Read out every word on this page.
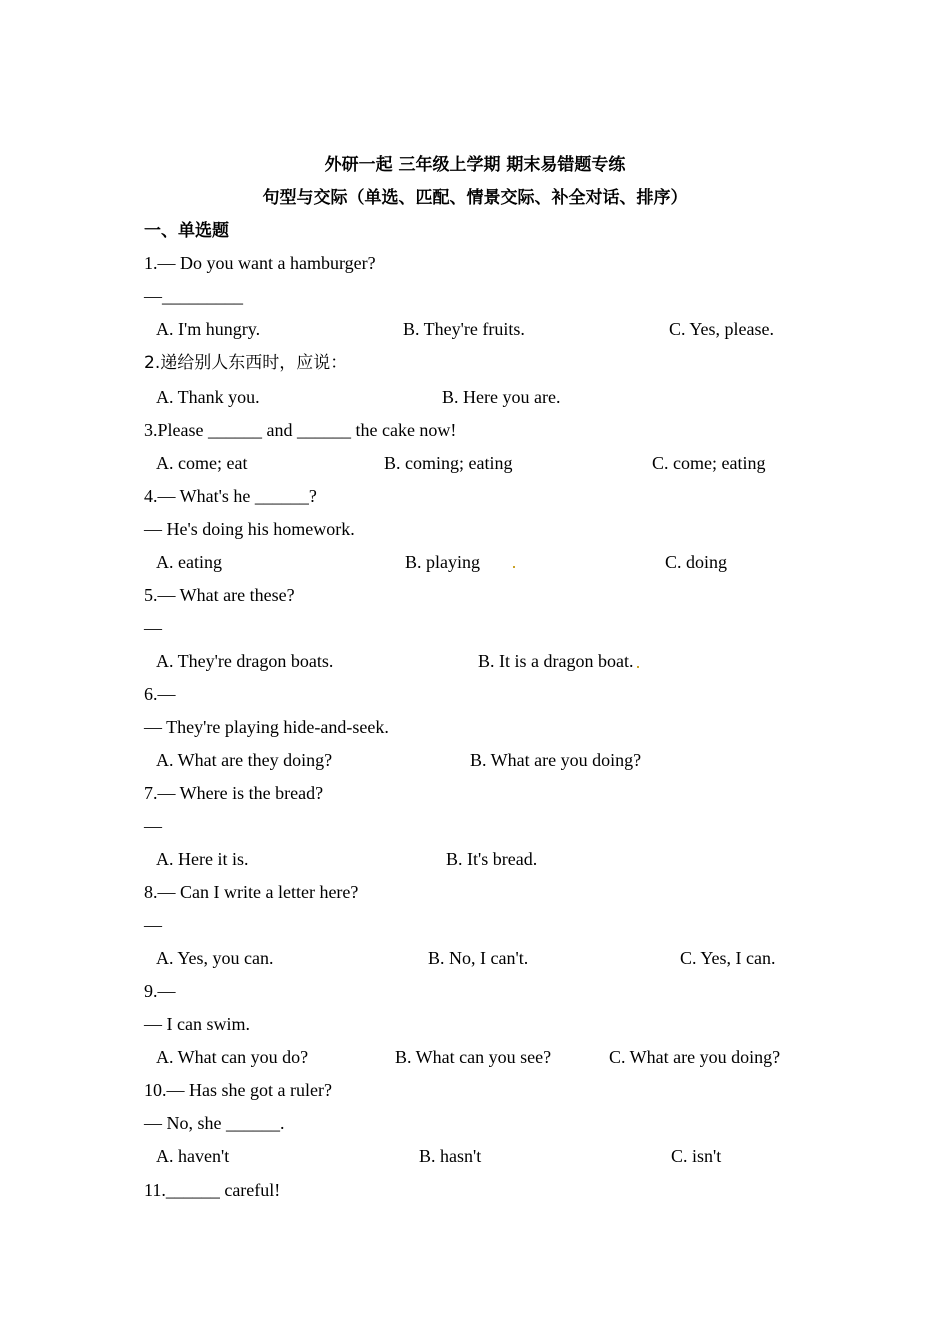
外研一起 三年级上学期 期末易错题专练
句型与交际（单选、匹配、情景交际、补全对话、排序）
一、单选题
1.— Do you want a hamburger?
—_________
A. I'm hungry.	B. They're fruits.	C. Yes, please.
2.递给别人东西时，应说：
A. Thank you.	B. Here you are.
3.Please ______ and ______ the cake now!
A. come; eat	B. coming; eating	C. come; eating
4.— What's he ______?
— He's doing his homework.
A. eating	B. playing	C. doing
5.— What are these?
—
A. They're dragon boats.	B. It is a dragon boat.
6.—
— They're playing hide-and-seek.
A. What are they doing?	B. What are you doing?
7.— Where is the bread?
—
A. Here it is.	B. It's bread.
8.— Can I write a letter here?
—
A. Yes, you can.	B. No, I can't.	C. Yes, I can.
9.—
— I can swim.
A. What can you do?	B. What can you see?	C. What are you doing?
10.— Has she got a ruler?
— No, she ______.
A. haven't	B. hasn't	C. isn't
11.______ careful!
